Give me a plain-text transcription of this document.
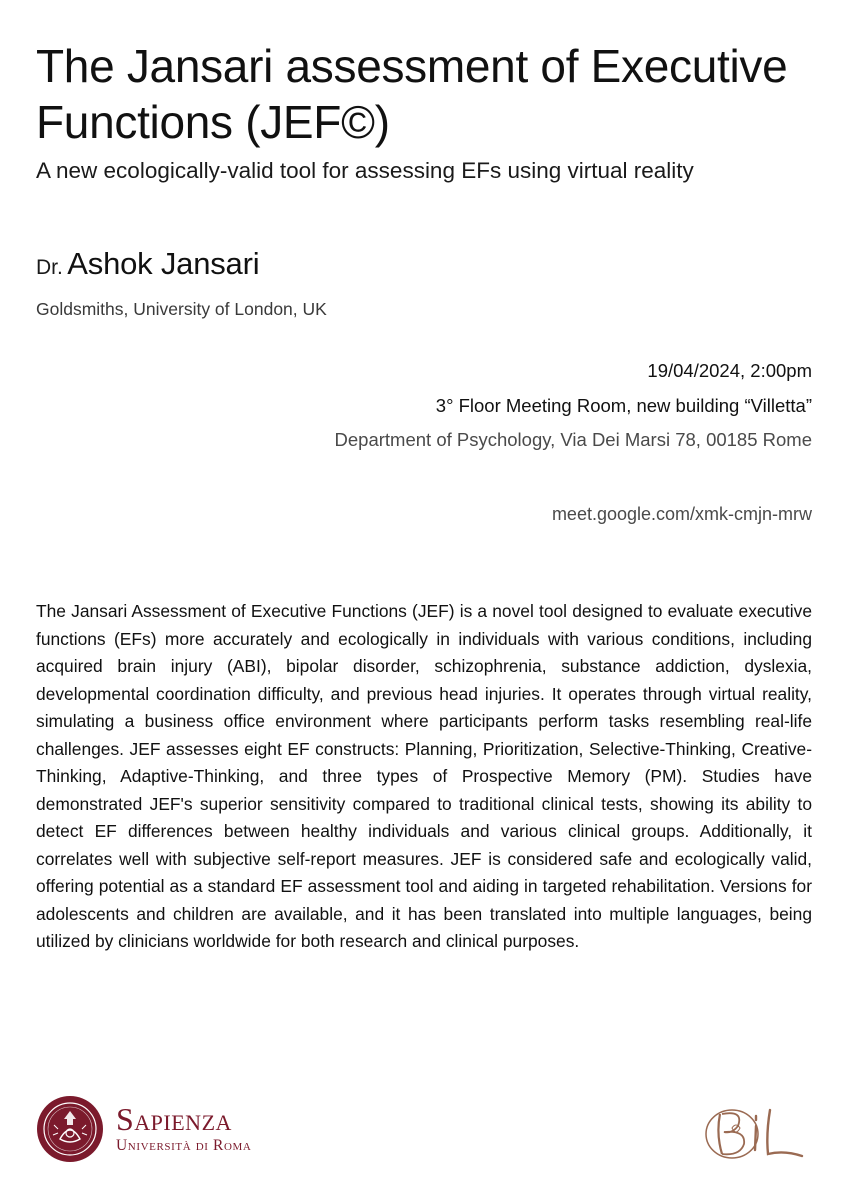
The Jansari assessment of Executive Functions (JEF©)
A new ecologically-valid tool for assessing EFs using virtual reality
Dr. Ashok Jansari
Goldsmiths, University of London, UK
19/04/2024, 2:00pm
3° Floor Meeting Room, new building “Villetta”
Department of Psychology, Via Dei Marsi 78, 00185 Rome
meet.google.com/xmk-cmjn-mrw

The Jansari Assessment of Executive Functions (JEF) is a novel tool designed to evaluate executive functions (EFs) more accurately and ecologically in individuals with various conditions, including acquired brain injury (ABI), bipolar disorder, schizophrenia, substance addiction, dyslexia, developmental coordination difficulty, and previous head injuries. It operates through virtual reality, simulating a business office environment where participants perform tasks resembling real-life challenges. JEF assesses eight EF constructs: Planning, Prioritization, Selective-Thinking, Creative-Thinking, Adaptive-Thinking, and three types of Prospective Memory (PM). Studies have demonstrated JEF's superior sensitivity compared to traditional clinical tests, showing its ability to detect EF differences between healthy individuals and various clinical groups. Additionally, it correlates well with subjective self-report measures. JEF is considered safe and ecologically valid, offering potential as a standard EF assessment tool and aiding in targeted rehabilitation. Versions for adolescents and children are available, and it has been translated into multiple languages, being utilized by clinicians worldwide for both research and clinical purposes.

Sapienza
Università di Roma
